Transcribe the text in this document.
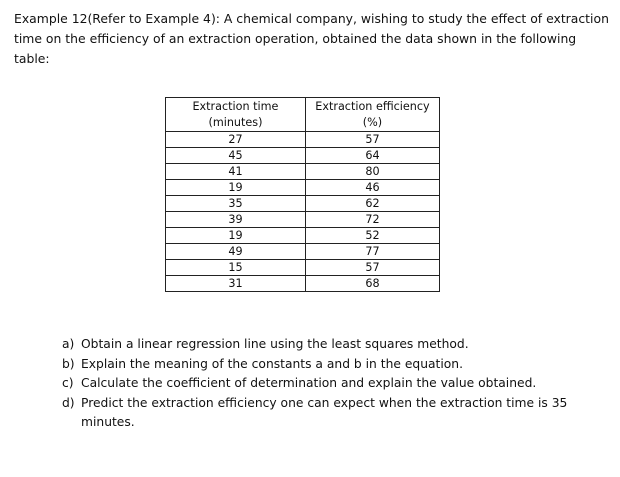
Example 12(Refer to Example 4): A chemical company, wishing to study the effect of extraction time on the efficiency of an extraction operation, obtained the data shown in the following table:
Extraction time (minutes)	Extraction efficiency (%)
27	57
45	64
41	80
19	46
35	62
39	72
19	52
49	77
15	57
31	68
a) Obtain a linear regression line using the least squares method.
b) Explain the meaning of the constants a and b in the equation.
c) Calculate the coefficient of determination and explain the value obtained.
d) Predict the extraction efficiency one can expect when the extraction time is 35 minutes.
